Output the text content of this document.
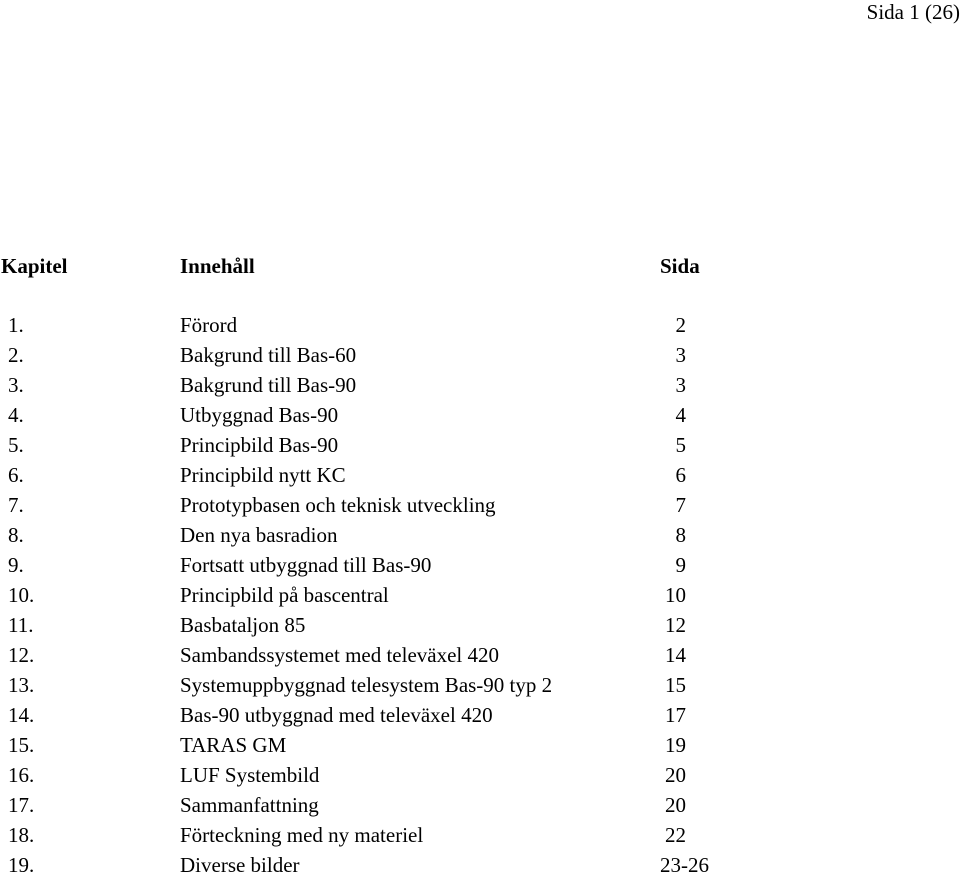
Sida 1 (26)
Kapitel	Innehåll	Sida
1.	Förord	2
2.	Bakgrund till Bas-60	3
3.	Bakgrund till Bas-90	3
4.	Utbyggnad Bas-90	4
5.	Principbild Bas-90	5
6.	Principbild nytt KC	6
7.	Prototypbasen och teknisk utveckling	7
8.	Den nya basradion	8
9.	Fortsatt utbyggnad till Bas-90	9
10.	Principbild på bascentral	10
11.	Basbataljon 85	12
12.	Sambandssystemet med televäxel 420	14
13.	Systemuppbyggnad telesystem Bas-90 typ 2	15
14.	Bas-90 utbyggnad med televäxel 420	17
15.	TARAS GM	19
16.	LUF Systembild	20
17.	Sammanfattning	20
18.	Förteckning med ny materiel	22
19.	Diverse bilder	23-26
